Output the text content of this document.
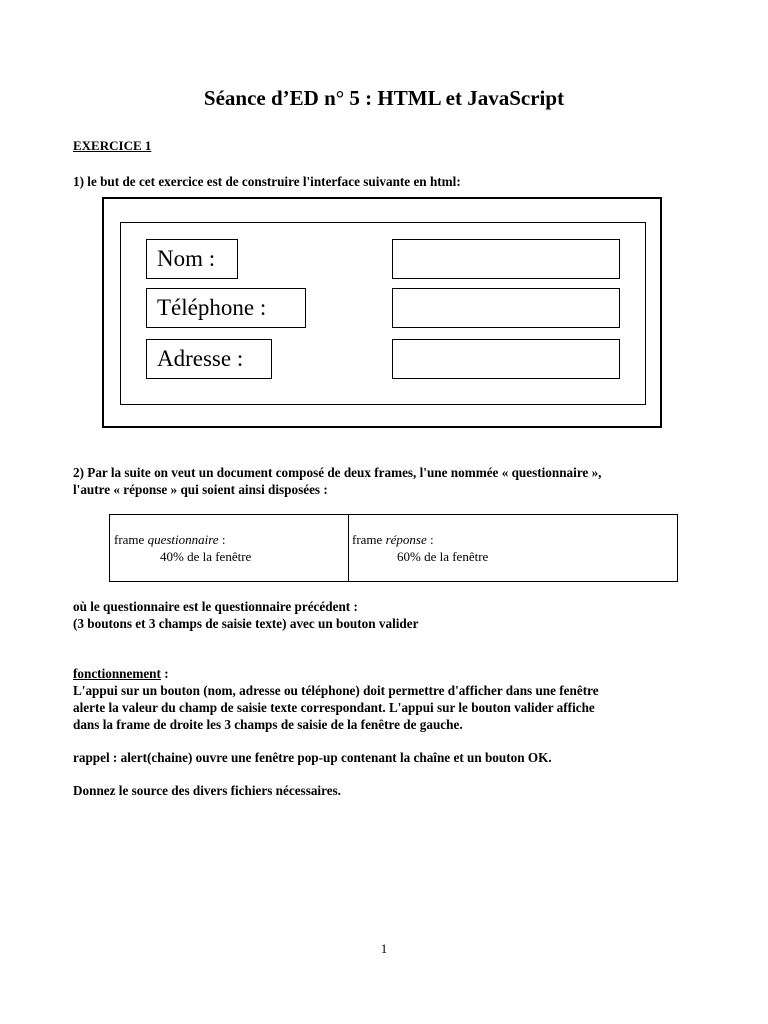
Séance d’ED n° 5 : HTML et JavaScript
EXERCICE 1
1) le but de cet exercice est de construire l'interface suivante en html:
Nom :
Téléphone :
Adresse :
2) Par la suite on veut un document composé de deux frames, l'une nommée « questionnaire »,
l'autre « réponse » qui soient ainsi disposées :
frame questionnaire :
40% de la fenêtre
frame réponse :
60% de la fenêtre
où le questionnaire est le questionnaire précédent :
(3 boutons et 3 champs de saisie texte) avec un bouton valider
fonctionnement :
L'appui sur un bouton (nom, adresse ou téléphone) doit permettre d'afficher dans une fenêtre
alerte la valeur du champ de saisie texte correspondant. L'appui sur le bouton valider affiche
dans la frame de droite les 3 champs de saisie de la fenêtre de gauche.
rappel : alert(chaine) ouvre une fenêtre pop-up contenant la chaîne et un bouton OK.
Donnez le source des divers fichiers nécessaires.
1
